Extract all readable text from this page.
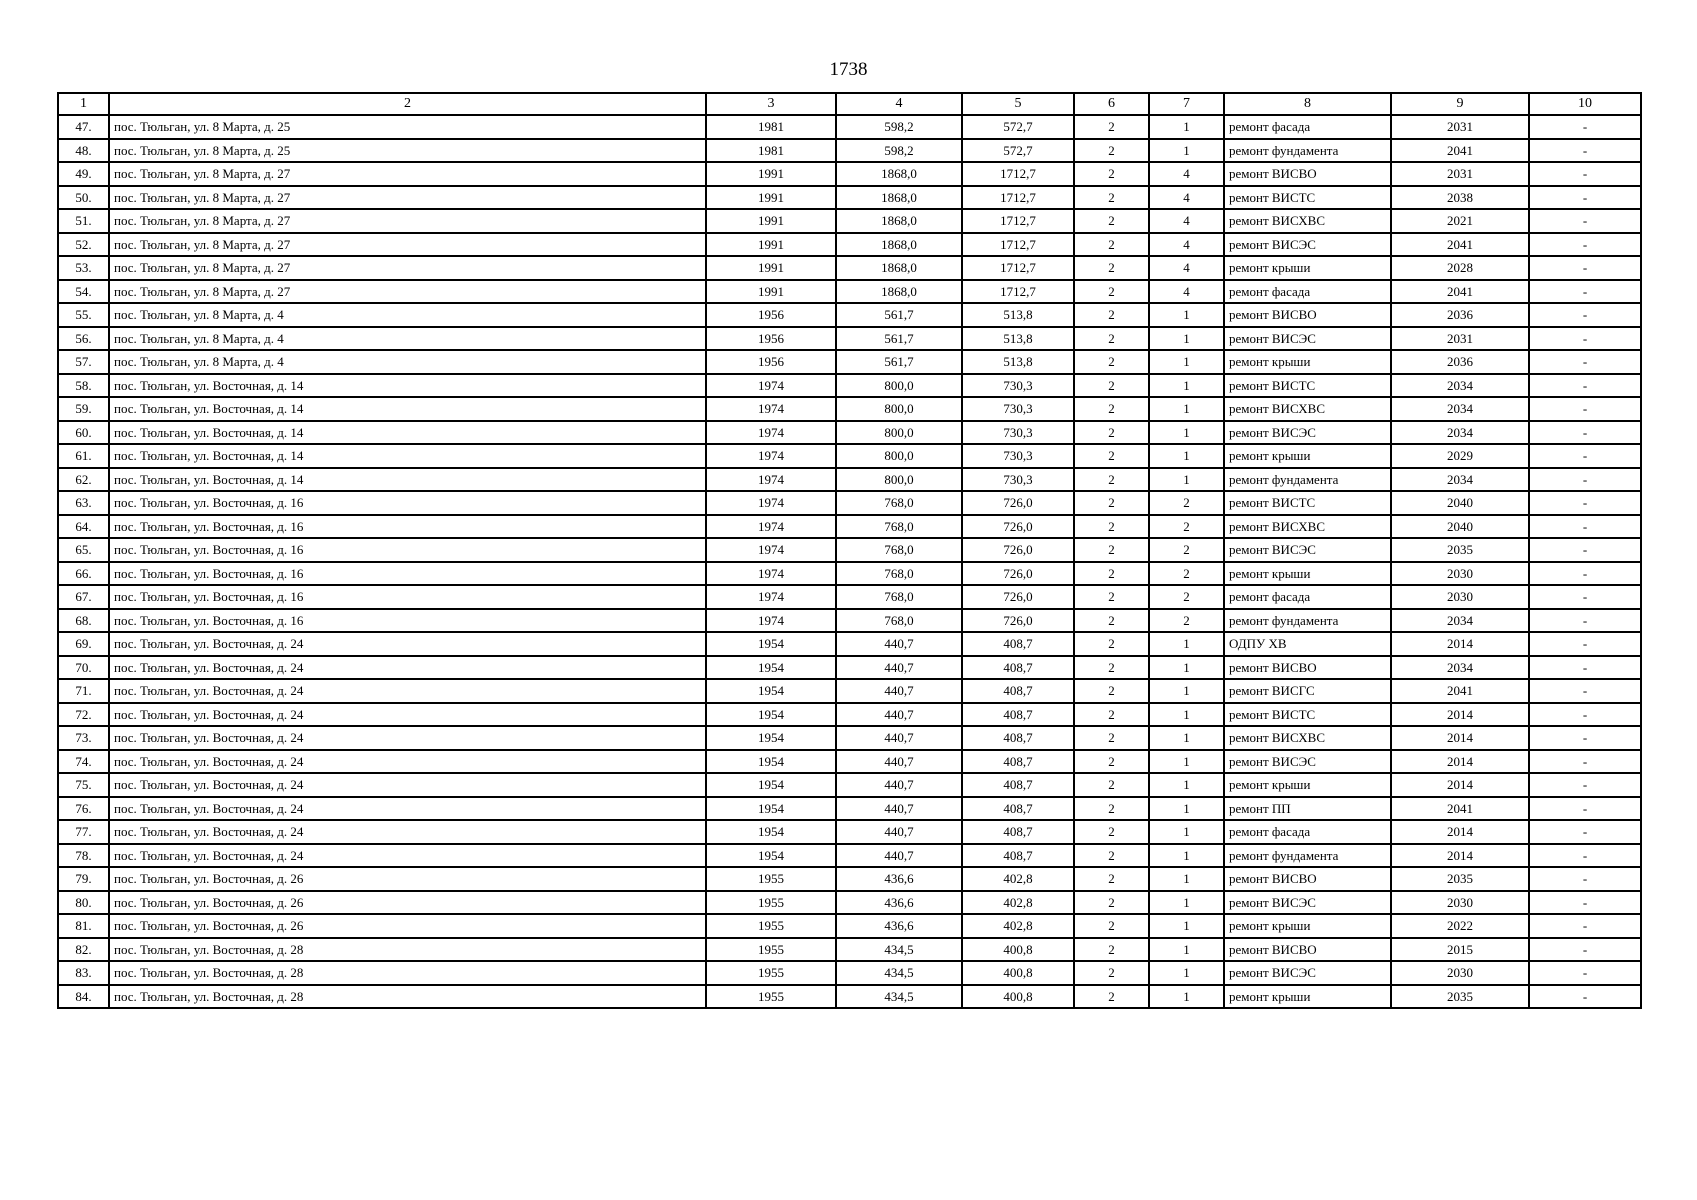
1738
1	2	3	4	5	6	7	8	9	10
47.	пос. Тюльган, ул. 8 Марта, д. 25	1981	598,2	572,7	2	1	ремонт фасада	2031	-
48.	пос. Тюльган, ул. 8 Марта, д. 25	1981	598,2	572,7	2	1	ремонт фундамента	2041	-
49.	пос. Тюльган, ул. 8 Марта, д. 27	1991	1868,0	1712,7	2	4	ремонт ВИСВО	2031	-
50.	пос. Тюльган, ул. 8 Марта, д. 27	1991	1868,0	1712,7	2	4	ремонт ВИСТС	2038	-
51.	пос. Тюльган, ул. 8 Марта, д. 27	1991	1868,0	1712,7	2	4	ремонт ВИСХВС	2021	-
52.	пос. Тюльган, ул. 8 Марта, д. 27	1991	1868,0	1712,7	2	4	ремонт ВИСЭС	2041	-
53.	пос. Тюльган, ул. 8 Марта, д. 27	1991	1868,0	1712,7	2	4	ремонт крыши	2028	-
54.	пос. Тюльган, ул. 8 Марта, д. 27	1991	1868,0	1712,7	2	4	ремонт фасада	2041	-
55.	пос. Тюльган, ул. 8 Марта, д. 4	1956	561,7	513,8	2	1	ремонт ВИСВО	2036	-
56.	пос. Тюльган, ул. 8 Марта, д. 4	1956	561,7	513,8	2	1	ремонт ВИСЭС	2031	-
57.	пос. Тюльган, ул. 8 Марта, д. 4	1956	561,7	513,8	2	1	ремонт крыши	2036	-
58.	пос. Тюльган, ул. Восточная, д. 14	1974	800,0	730,3	2	1	ремонт ВИСТС	2034	-
59.	пос. Тюльган, ул. Восточная, д. 14	1974	800,0	730,3	2	1	ремонт ВИСХВС	2034	-
60.	пос. Тюльган, ул. Восточная, д. 14	1974	800,0	730,3	2	1	ремонт ВИСЭС	2034	-
61.	пос. Тюльган, ул. Восточная, д. 14	1974	800,0	730,3	2	1	ремонт крыши	2029	-
62.	пос. Тюльган, ул. Восточная, д. 14	1974	800,0	730,3	2	1	ремонт фундамента	2034	-
63.	пос. Тюльган, ул. Восточная, д. 16	1974	768,0	726,0	2	2	ремонт ВИСТС	2040	-
64.	пос. Тюльган, ул. Восточная, д. 16	1974	768,0	726,0	2	2	ремонт ВИСХВС	2040	-
65.	пос. Тюльган, ул. Восточная, д. 16	1974	768,0	726,0	2	2	ремонт ВИСЭС	2035	-
66.	пос. Тюльган, ул. Восточная, д. 16	1974	768,0	726,0	2	2	ремонт крыши	2030	-
67.	пос. Тюльган, ул. Восточная, д. 16	1974	768,0	726,0	2	2	ремонт фасада	2030	-
68.	пос. Тюльган, ул. Восточная, д. 16	1974	768,0	726,0	2	2	ремонт фундамента	2034	-
69.	пос. Тюльган, ул. Восточная, д. 24	1954	440,7	408,7	2	1	ОДПУ ХВ	2014	-
70.	пос. Тюльган, ул. Восточная, д. 24	1954	440,7	408,7	2	1	ремонт ВИСВО	2034	-
71.	пос. Тюльган, ул. Восточная, д. 24	1954	440,7	408,7	2	1	ремонт ВИСГС	2041	-
72.	пос. Тюльган, ул. Восточная, д. 24	1954	440,7	408,7	2	1	ремонт ВИСТС	2014	-
73.	пос. Тюльган, ул. Восточная, д. 24	1954	440,7	408,7	2	1	ремонт ВИСХВС	2014	-
74.	пос. Тюльган, ул. Восточная, д. 24	1954	440,7	408,7	2	1	ремонт ВИСЭС	2014	-
75.	пос. Тюльган, ул. Восточная, д. 24	1954	440,7	408,7	2	1	ремонт крыши	2014	-
76.	пос. Тюльган, ул. Восточная, д. 24	1954	440,7	408,7	2	1	ремонт ПП	2041	-
77.	пос. Тюльган, ул. Восточная, д. 24	1954	440,7	408,7	2	1	ремонт фасада	2014	-
78.	пос. Тюльган, ул. Восточная, д. 24	1954	440,7	408,7	2	1	ремонт фундамента	2014	-
79.	пос. Тюльган, ул. Восточная, д. 26	1955	436,6	402,8	2	1	ремонт ВИСВО	2035	-
80.	пос. Тюльган, ул. Восточная, д. 26	1955	436,6	402,8	2	1	ремонт ВИСЭС	2030	-
81.	пос. Тюльган, ул. Восточная, д. 26	1955	436,6	402,8	2	1	ремонт крыши	2022	-
82.	пос. Тюльган, ул. Восточная, д. 28	1955	434,5	400,8	2	1	ремонт ВИСВО	2015	-
83.	пос. Тюльган, ул. Восточная, д. 28	1955	434,5	400,8	2	1	ремонт ВИСЭС	2030	-
84.	пос. Тюльган, ул. Восточная, д. 28	1955	434,5	400,8	2	1	ремонт крыши	2035	-
